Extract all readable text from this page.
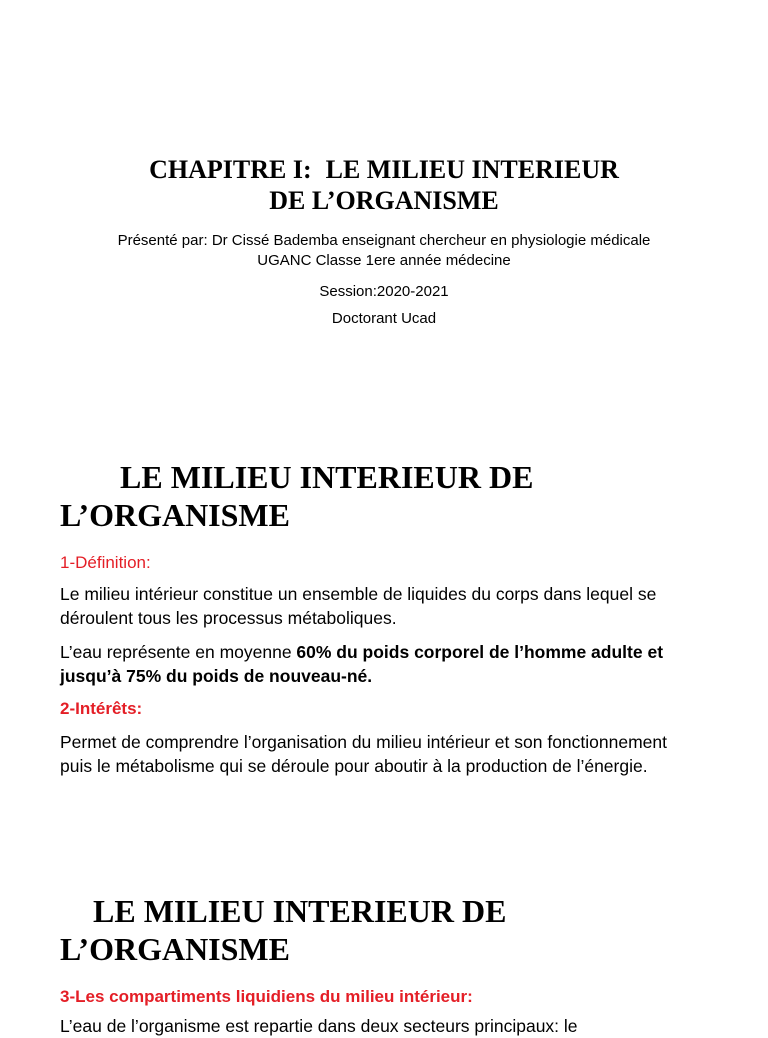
CHAPITRE I: LE MILIEU INTERIEUR
DE L’ORGANISME
Présenté par: Dr Cissé Bademba enseignant chercheur en physiologie médicale UGANC Classe 1ere année médecine
Session:2020-2021
Doctorant Ucad
LE MILIEU INTERIEUR DE
L’ORGANISME
1-Définition:
Le milieu intérieur constitue un ensemble de liquides du corps dans lequel se déroulent tous les processus métaboliques.
L’eau représente en moyenne 60% du poids corporel de l’homme adulte et jusqu’à 75% du poids de nouveau-né.
2-Intérêts:
Permet de comprendre l’organisation du milieu intérieur et son fonctionnement puis le métabolisme qui se déroule pour aboutir à la production de l’énergie.
LE MILIEU INTERIEUR DE
L’ORGANISME
3-Les compartiments liquidiens du milieu intérieur:
L’eau de l’organisme est repartie dans deux secteurs principaux: le
